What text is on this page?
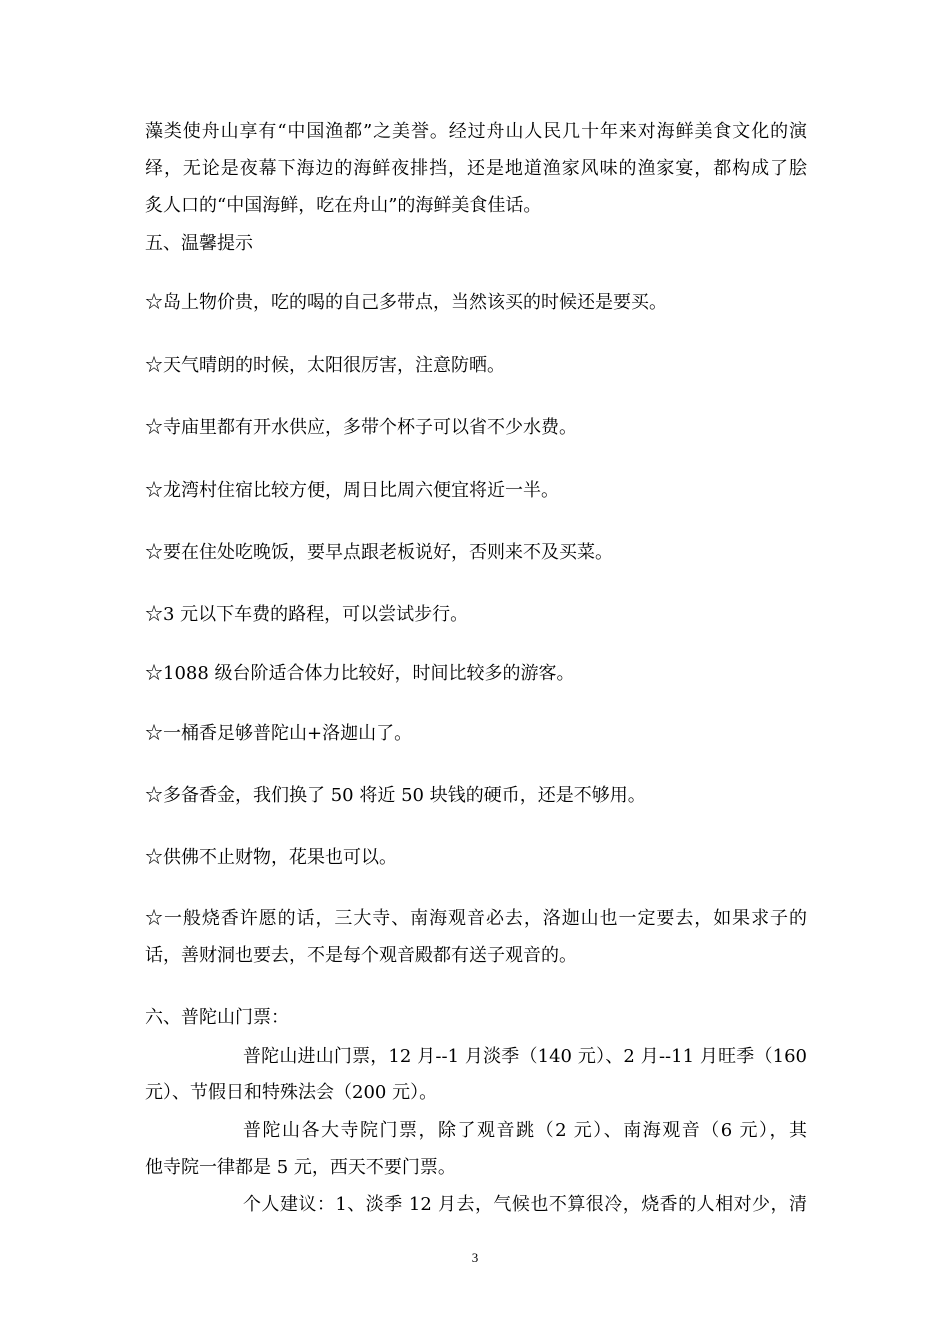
藻类使舟山享有“中国渔都”之美誉。经过舟山人民几十年来对海鲜美食文化的演
绎，无论是夜幕下海边的海鲜夜排挡，还是地道渔家风味的渔家宴，都构成了脍
炙人口的“中国海鲜，吃在舟山”的海鲜美食佳话。
五、温馨提示
☆岛上物价贵，吃的喝的自己多带点，当然该买的时候还是要买。
☆天气晴朗的时候，太阳很厉害，注意防晒。
☆寺庙里都有开水供应，多带个杯子可以省不少水费。
☆龙湾村住宿比较方便，周日比周六便宜将近一半。
☆要在住处吃晚饭，要早点跟老板说好，否则来不及买菜。
☆3 元以下车费的路程，可以尝试步行。
☆1088 级台阶适合体力比较好，时间比较多的游客。
☆一桶香足够普陀山+洛迦山了。
☆多备香金，我们换了 50 将近 50 块钱的硬币，还是不够用。
☆供佛不止财物，花果也可以。
☆一般烧香许愿的话，三大寺、南海观音必去，洛迦山也一定要去，如果求子的
话，善财洞也要去，不是每个观音殿都有送子观音的。
六、普陀山门票：
普陀山进山门票，12 月--1 月淡季（140 元）、2 月--11 月旺季（160
元）、节假日和特殊法会（200 元）。
普陀山各大寺院门票，除了观音跳（2 元）、南海观音（6 元），其
他寺院一律都是 5 元，西天不要门票。
个人建议：1、淡季 12 月去，气候也不算很冷，烧香的人相对少，清
3
